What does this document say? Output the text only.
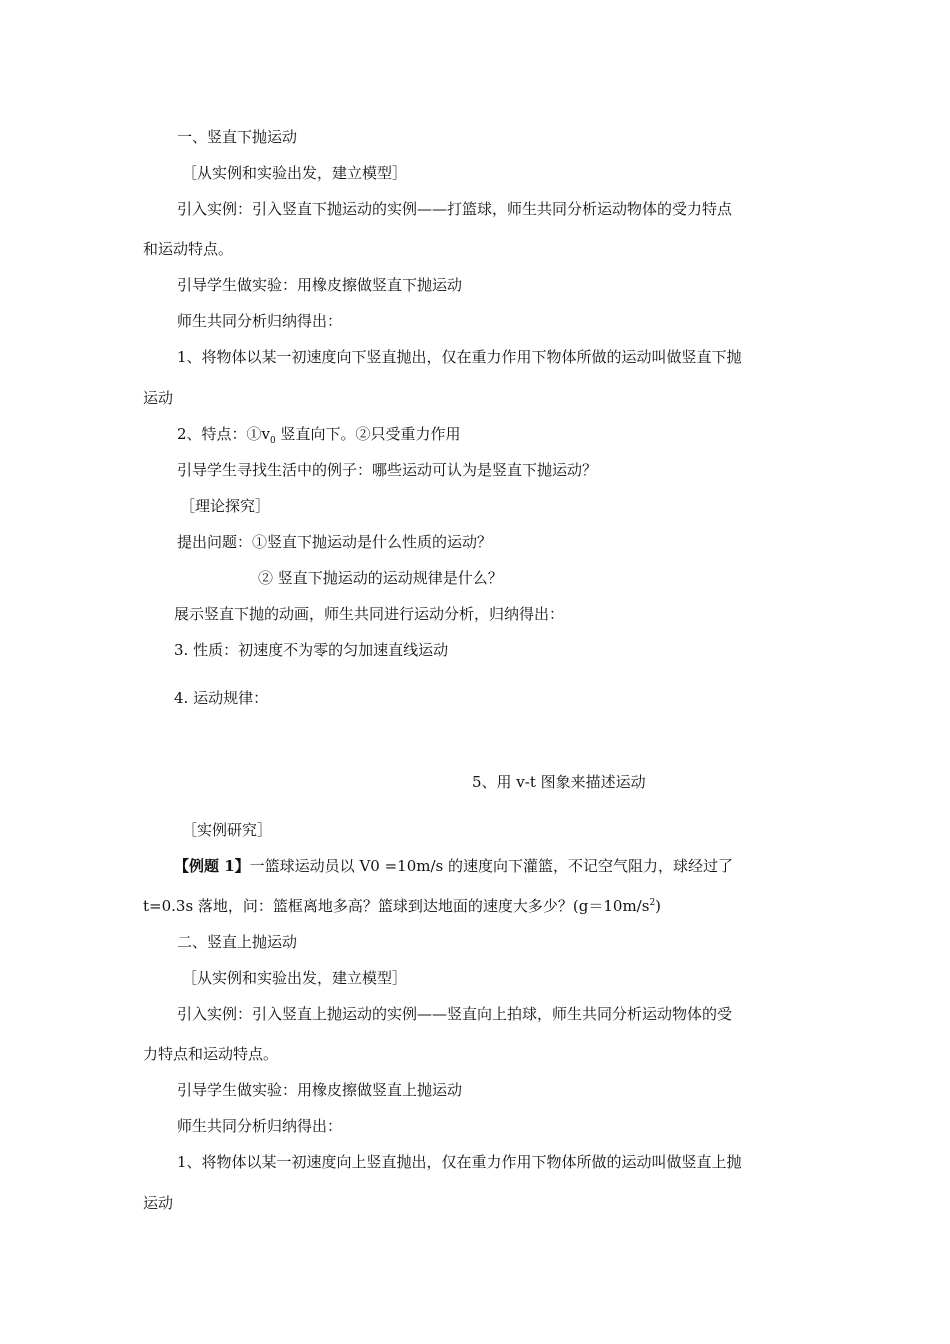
一、竖直下抛运动
［从实例和实验出发，建立模型］
引入实例：引入竖直下抛运动的实例——打篮球，师生共同分析运动物体的受力特点
和运动特点。
引导学生做实验：用橡皮擦做竖直下抛运动
师生共同分析归纳得出：
1、将物体以某一初速度向下竖直抛出，仅在重力作用下物体所做的运动叫做竖直下抛
运动
2、特点：$①v_0$ 竖直向下。②只受重力作用
引导学生寻找生活中的例子：哪些运动可认为是竖直下抛运动？
［理论探究］
提出问题：①竖直下抛运动是什么性质的运动？
② 竖直下抛运动的运动规律是什么？
展示竖直下抛的动画，师生共同进行运动分析，归纳得出：
3. 性质：初速度不为零的匀加速直线运动
4. 运动规律：
5、用 v-t 图象来描述运动
［实例研究］
【例题 1】一篮球运动员以 V0 =10m/s 的速度向下灌篮，不记空气阻力，球经过了
t=0.3s 落地，问：篮框离地多高？篮球到达地面的速度大多少？$(g=10m/s^2)$
二、竖直上抛运动
［从实例和实验出发，建立模型］
引入实例：引入竖直上抛运动的实例——竖直向上拍球，师生共同分析运动物体的受
力特点和运动特点。
引导学生做实验：用橡皮擦做竖直上抛运动
师生共同分析归纳得出：
1、将物体以某一初速度向上竖直抛出，仅在重力作用下物体所做的运动叫做竖直上抛
运动
